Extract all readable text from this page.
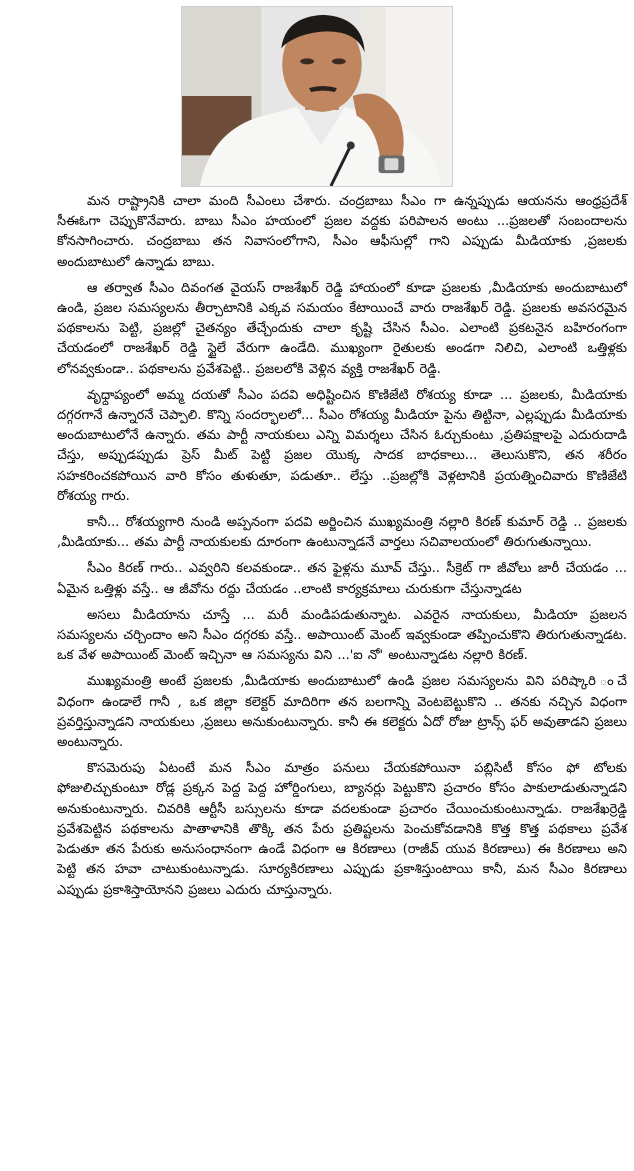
మన రాష్ట్రానికి చాలా మంది సీఎంలు చేశారు. చంద్రబాబు సీఎం గా ఉన్నప్పుడు ఆయనను ఆంధ్రప్రదేశ్ సీఈఓగా చెప్పుకొనేవారు. బాబు సీఎం హయంలో ప్రజల వద్దకు పరిపాలన అంటు ...ప్రజలతో సంబందాలను కోనసాగించారు. చంద్రబాబు తన నివాసంలోగాని, సీఎం ఆఫీసుల్లో గాని ఎప్పుడు మీడియాకు ,ప్రజలకు అందుబాటులో ఉన్నాడు బాబు.

ఆ తర్వాత సీఎం దివంగత వైయస్ రాజశేఖర్ రెడ్డి హాయంలో కూడా ప్రజలకు ,మీడియాకు అందుబాటులో ఉండి, ప్రజల సమస్యలను తీర్చాటానికి ఎక్కవ సమయం కేటాయించే వారు రాజశేఖర్ రెడ్డి. ప్రజలకు అవసరమైన పథకాలను పెట్టి, ప్రజల్లో చైతన్యం తేచ్చేందుకు చాలా కృష్టి చేసిన సీఎం. ఎలాంటి ప్రకటనైన బహిరంగంగా చేయడంలో రాజశేఖర్ రెడ్డి స్టైలే వేరుగా ఉండేది. ముఖ్యంగా రైతులకు అండగా నిలిచి, ఎలాంటి ఒత్తిళ్లకు లోనవ్వకుండా.. పథకాలను ప్రవేశపెట్టి.. ప్రజలలోకి వెళ్లిన వ్యక్తి రాజశేఖర్ రెడ్డి.

వృధ్దాప్యంలో అమ్మ దయతో సీఎం పదవి అధిష్టించిన కొణిజేటి రోశయ్య కూడా ... ప్రజలకు, మీడియాకు దగ్గరగానే ఉన్నారనే చెప్పాలి. కొన్ని సందర్భాలలో... సీఎం రోశయ్య మీడియా పైను తిట్టినా, ఎల్లప్పుడు మీడియాకు అందుబాటులోనే ఉన్నారు. తమ పార్టీ నాయకులు ఎన్ని విమర్శలు చేసిన ఓర్చుకుంటు ,ప్రతిపక్షాలపై ఎదురుదాడి చేస్తు, అప్పుడప్పుడు ప్రెస్ మీట్ పెట్టి ప్రజల యొక్క సాదక బాధకాలు... తెలుసుకొని, తన శరీరం సహకరించకపోయిన వారి కోసం తుళుతూ, పడుతూ.. లేస్తు ..ప్రజల్లోకి వెళ్లటానికి ప్రయత్నించివారు కొణిజేటి రోశయ్య గారు.

కానీ... రోశయ్యగారి నుండి అప్పనంగా పదవి అర్జించిన ముఖ్యమంత్రి నల్లారి కిరణ్ కుమార్ రెడ్డి .. ప్రజలకు ,మీడియాకు... తమ పార్టీ నాయకులకు దూరంగా ఉంటున్నాడనే వార్తలు సచివాలయంలో తిరుగుతున్నాయి.

సీఎం కిరణ్ గారు.. ఎవ్వరిని కలవకుండా.. తన ఫైళ్లను మూవ్ చేస్తు.. సీక్రెట్ గా జీవోలు జారీ చేయడం ... ఏమైన ఒత్తిళ్లు వస్తే.. ఆ జీవోను రద్దు చేయడం ..లాంటి కార్యక్రమాలు చురుకుగా చేస్తున్నాడట

అసలు మీడియాను చూస్తే ... మరీ మండిపడుతున్నాట. ఎవరైన నాయకులు, మీడియా ప్రజలన సమస్యలను చర్చిందాం అని సీఎం దగ్గరకు వస్తే.. అపాయింట్ మెంట్ ఇవ్వకుండా తప్పించుకొని తిరుగుతున్నాడట. ఒక వేళ అపాయింట్ మెంట్ ఇచ్చినా ఆ సమస్యను విని ...'ఐ నో' అంటున్నాడట నల్లారి కిరణ్.

ముఖ్యమంత్రి అంటే ప్రజలకు ,మీడియాకు అందుబాటులో ఉండి ప్రజల సమస్యలను విని పరిష్కారి ంచే విధంగా ఉండాలే గానీ , ఒక జిల్లా కలెక్టర్ మాదిరిగా తన బలగాన్ని వెంటబెట్టుకొని .. తనకు నచ్చిన విధంగా ప్రవర్తిస్తున్నాడని నాయకులు ,ప్రజలు అనుకుంటున్నారు. కానీ ఈ కలెక్టరు ఏదో రోజు ట్రాన్స్ ఫర్ అవుతాడని ప్రజలు అంటున్నారు.

కొసమెరుపు ఏటంటే మన సీఎం మాత్రం పనులు చేయకపోయినా పబ్లిసిటీ కోసం ఫో టోలకు ఫోజులిచ్చుకుంటూ రోడ్ల ప్రక్కన పెద్ద పెద్ద హోర్డింగులు, బ్యానర్లు పెట్టుకొని ప్రచారం కోసం పాకులాడుతున్నాడని అనుకుంటున్నారు. చివరికి ఆర్టీసీ బస్సులను కూడా వదలకుండా ప్రచారం చేయించుకుంటున్నాడు. రాజశేఖర్రెడ్డి ప్రవేశపెట్టిన పథకాలను పాతాళానికి తొక్కి తన పేరు ప్రతిష్టలను పెంచుకోవడానికి కొత్త కొత్త పథకాలు ప్రవేశ పెడుతూ తన పేరుకు అనుసంధానంగా ఉండే విధంగా ఆ కిరణాలు (రాజీవ్ యువ కిరణాలు) ఈ కిరణాలు అని పెట్టి తన హవా చాటుకుంటున్నాడు. సూర్యకిరణాలు ఎప్పుడు ప్రకాశిస్తుంటాయి కానీ, మన సీఎం కిరణాలు ఎప్పుడు ప్రకాశిస్తాయోనని ప్రజలు ఎదురు చూస్తున్నారు.
